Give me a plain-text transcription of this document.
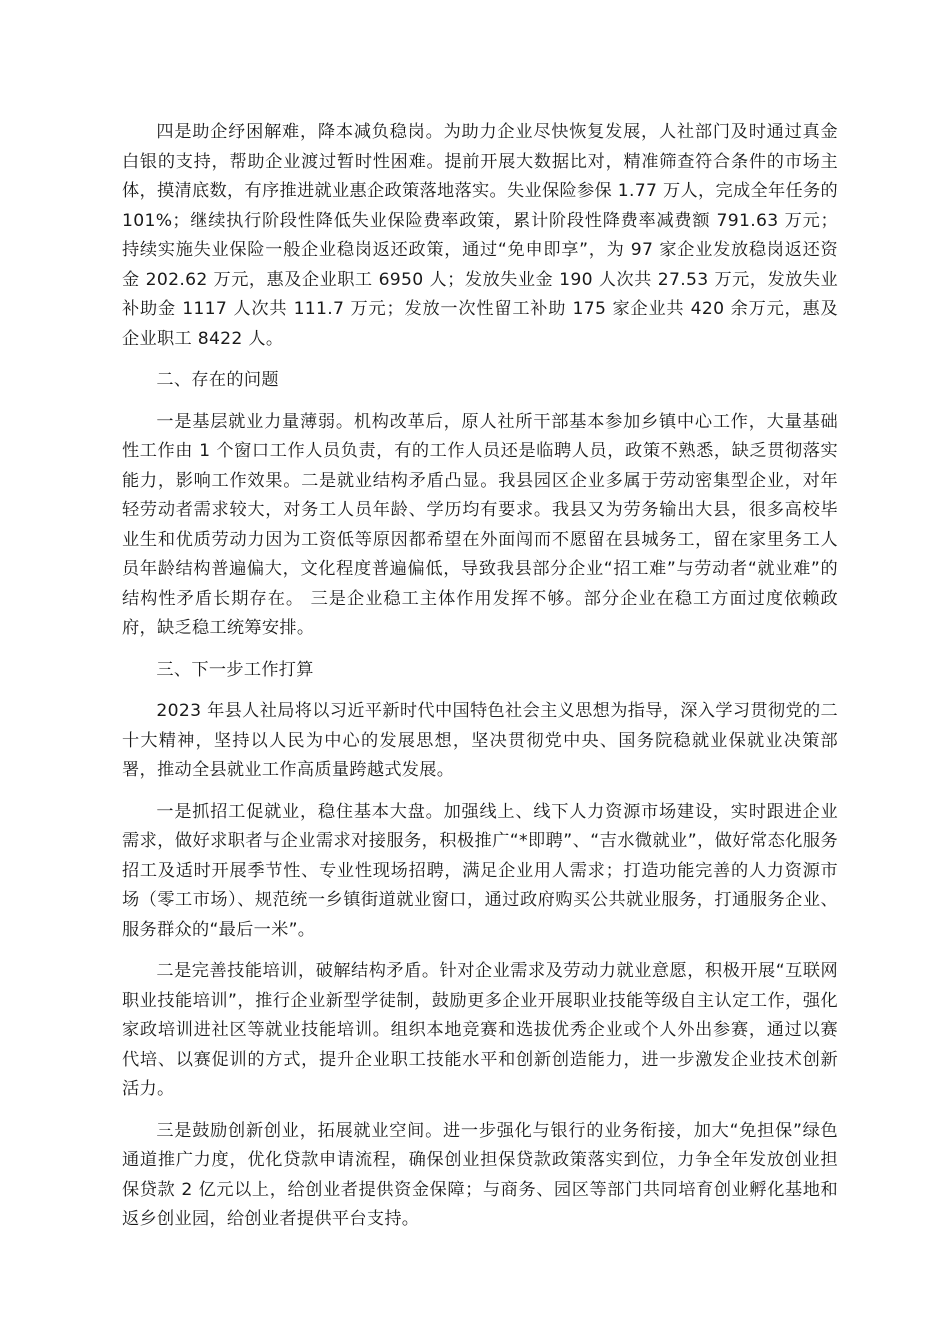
四是助企纾困解难，降本减负稳岗。为助力企业尽快恢复发展，人社部门及时通过真金白银的支持，帮助企业渡过暂时性困难。提前开展大数据比对，精准筛查符合条件的市场主体，摸清底数，有序推进就业惠企政策落地落实。失业保险参保 1.77 万人，完成全年任务的 101%；继续执行阶段性降低失业保险费率政策，累计阶段性降费率减费额 791.63 万元；持续实施失业保险一般企业稳岗返还政策，通过“免申即享”，为 97 家企业发放稳岗返还资金 202.62 万元，惠及企业职工 6950 人；发放失业金 190 人次共 27.53 万元，发放失业补助金 1117 人次共 111.7 万元；发放一次性留工补助 175 家企业共 420 余万元，惠及企业职工 8422 人。

二、存在的问题

一是基层就业力量薄弱。机构改革后，原人社所干部基本参加乡镇中心工作，大量基础性工作由 1 个窗口工作人员负责，有的工作人员还是临聘人员，政策不熟悉，缺乏贯彻落实能力，影响工作效果。二是就业结构矛盾凸显。我县园区企业多属于劳动密集型企业，对年轻劳动者需求较大，对务工人员年龄、学历均有要求。我县又为劳务输出大县，很多高校毕业生和优质劳动力因为工资低等原因都希望在外面闯而不愿留在县城务工，留在家里务工人员年龄结构普遍偏大，文化程度普遍偏低，导致我县部分企业“招工难”与劳动者“就业难”的结构性矛盾长期存在。 三是企业稳工主体作用发挥不够。部分企业在稳工方面过度依赖政府，缺乏稳工统筹安排。

三、下一步工作打算

2023 年县人社局将以习近平新时代中国特色社会主义思想为指导，深入学习贯彻党的二十大精神，坚持以人民为中心的发展思想，坚决贯彻党中央、国务院稳就业保就业决策部署，推动全县就业工作高质量跨越式发展。

一是抓招工促就业，稳住基本大盘。加强线上、线下人力资源市场建设，实时跟进企业需求，做好求职者与企业需求对接服务，积极推广“*即聘”、“吉水微就业”，做好常态化服务招工及适时开展季节性、专业性现场招聘，满足企业用人需求；打造功能完善的人力资源市场（零工市场）、规范统一乡镇街道就业窗口，通过政府购买公共就业服务，打通服务企业、服务群众的“最后一米”。

二是完善技能培训，破解结构矛盾。针对企业需求及劳动力就业意愿，积极开展“互联网 职业技能培训”，推行企业新型学徒制，鼓励更多企业开展职业技能等级自主认定工作，强化家政培训进社区等就业技能培训。组织本地竞赛和选拔优秀企业或个人外出参赛，通过以赛代培、以赛促训的方式，提升企业职工技能水平和创新创造能力，进一步激发企业技术创新活力。

三是鼓励创新创业，拓展就业空间。进一步强化与银行的业务衔接，加大“免担保”绿色通道推广力度，优化贷款申请流程，确保创业担保贷款政策落实到位，力争全年发放创业担保贷款 2 亿元以上，给创业者提供资金保障；与商务、园区等部门共同培育创业孵化基地和返乡创业园，给创业者提供平台支持。
